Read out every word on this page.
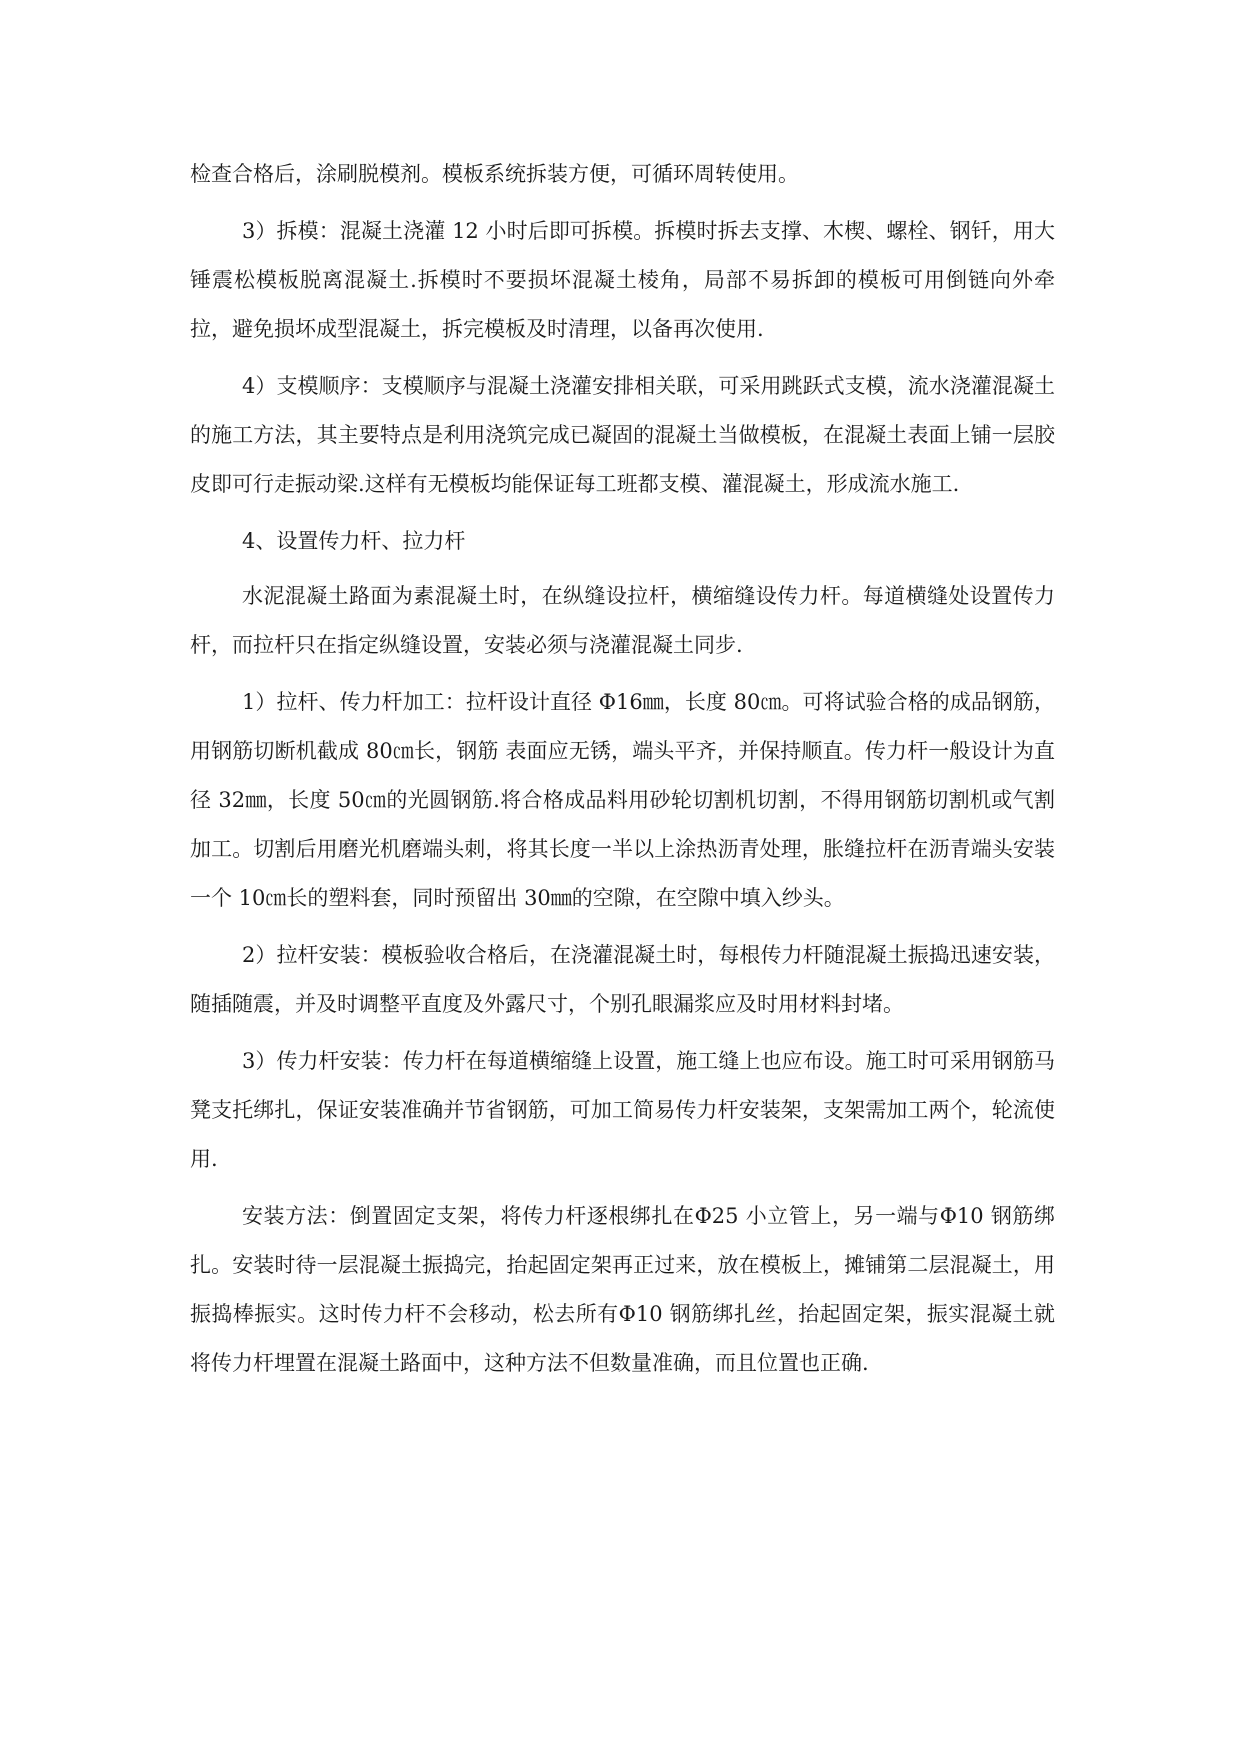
检查合格后，涂刷脱模剂。模板系统拆装方便，可循环周转使用。

3）拆模：混凝土浇灌 12 小时后即可拆模。拆模时拆去支撑、木楔、螺栓、钢钎，用大锤震松模板脱离混凝土.拆模时不要损坏混凝土棱角，局部不易拆卸的模板可用倒链向外牵拉，避免损坏成型混凝土，拆完模板及时清理，以备再次使用.

4）支模顺序：支模顺序与混凝土浇灌安排相关联，可采用跳跃式支模，流水浇灌混凝土的施工方法，其主要特点是利用浇筑完成已凝固的混凝土当做模板，在混凝土表面上铺一层胶皮即可行走振动梁.这样有无模板均能保证每工班都支模、灌混凝土，形成流水施工.

4、设置传力杆、拉力杆

水泥混凝土路面为素混凝土时，在纵缝设拉杆，横缩缝设传力杆。每道横缝处设置传力杆，而拉杆只在指定纵缝设置，安装必须与浇灌混凝土同步.

1）拉杆、传力杆加工：拉杆设计直径 Φ16㎜，长度 80㎝。可将试验合格的成品钢筋，用钢筋切断机截成 80㎝长，钢筋 表面应无锈，端头平齐，并保持顺直。传力杆一般设计为直径 32㎜，长度 50㎝的光圆钢筋.将合格成品料用砂轮切割机切割，不得用钢筋切割机或气割加工。切割后用磨光机磨端头刺，将其长度一半以上涂热沥青处理，胀缝拉杆在沥青端头安装一个 10㎝长的塑料套，同时预留出 30㎜的空隙，在空隙中填入纱头。

2）拉杆安装：模板验收合格后，在浇灌混凝土时，每根传力杆随混凝土振捣迅速安装，随插随震，并及时调整平直度及外露尺寸，个别孔眼漏浆应及时用材料封堵。

3）传力杆安装：传力杆在每道横缩缝上设置，施工缝上也应布设。施工时可采用钢筋马凳支托绑扎，保证安装准确并节省钢筋，可加工简易传力杆安装架，支架需加工两个，轮流使用.

安装方法：倒置固定支架，将传力杆逐根绑扎在Φ25 小立管上，另一端与Φ10 钢筋绑扎。安装时待一层混凝土振捣完，抬起固定架再正过来，放在模板上，摊铺第二层混凝土，用振捣棒振实。这时传力杆不会移动，松去所有Φ10 钢筋绑扎丝，抬起固定架，振实混凝土就将传力杆埋置在混凝土路面中，这种方法不但数量准确，而且位置也正确.
